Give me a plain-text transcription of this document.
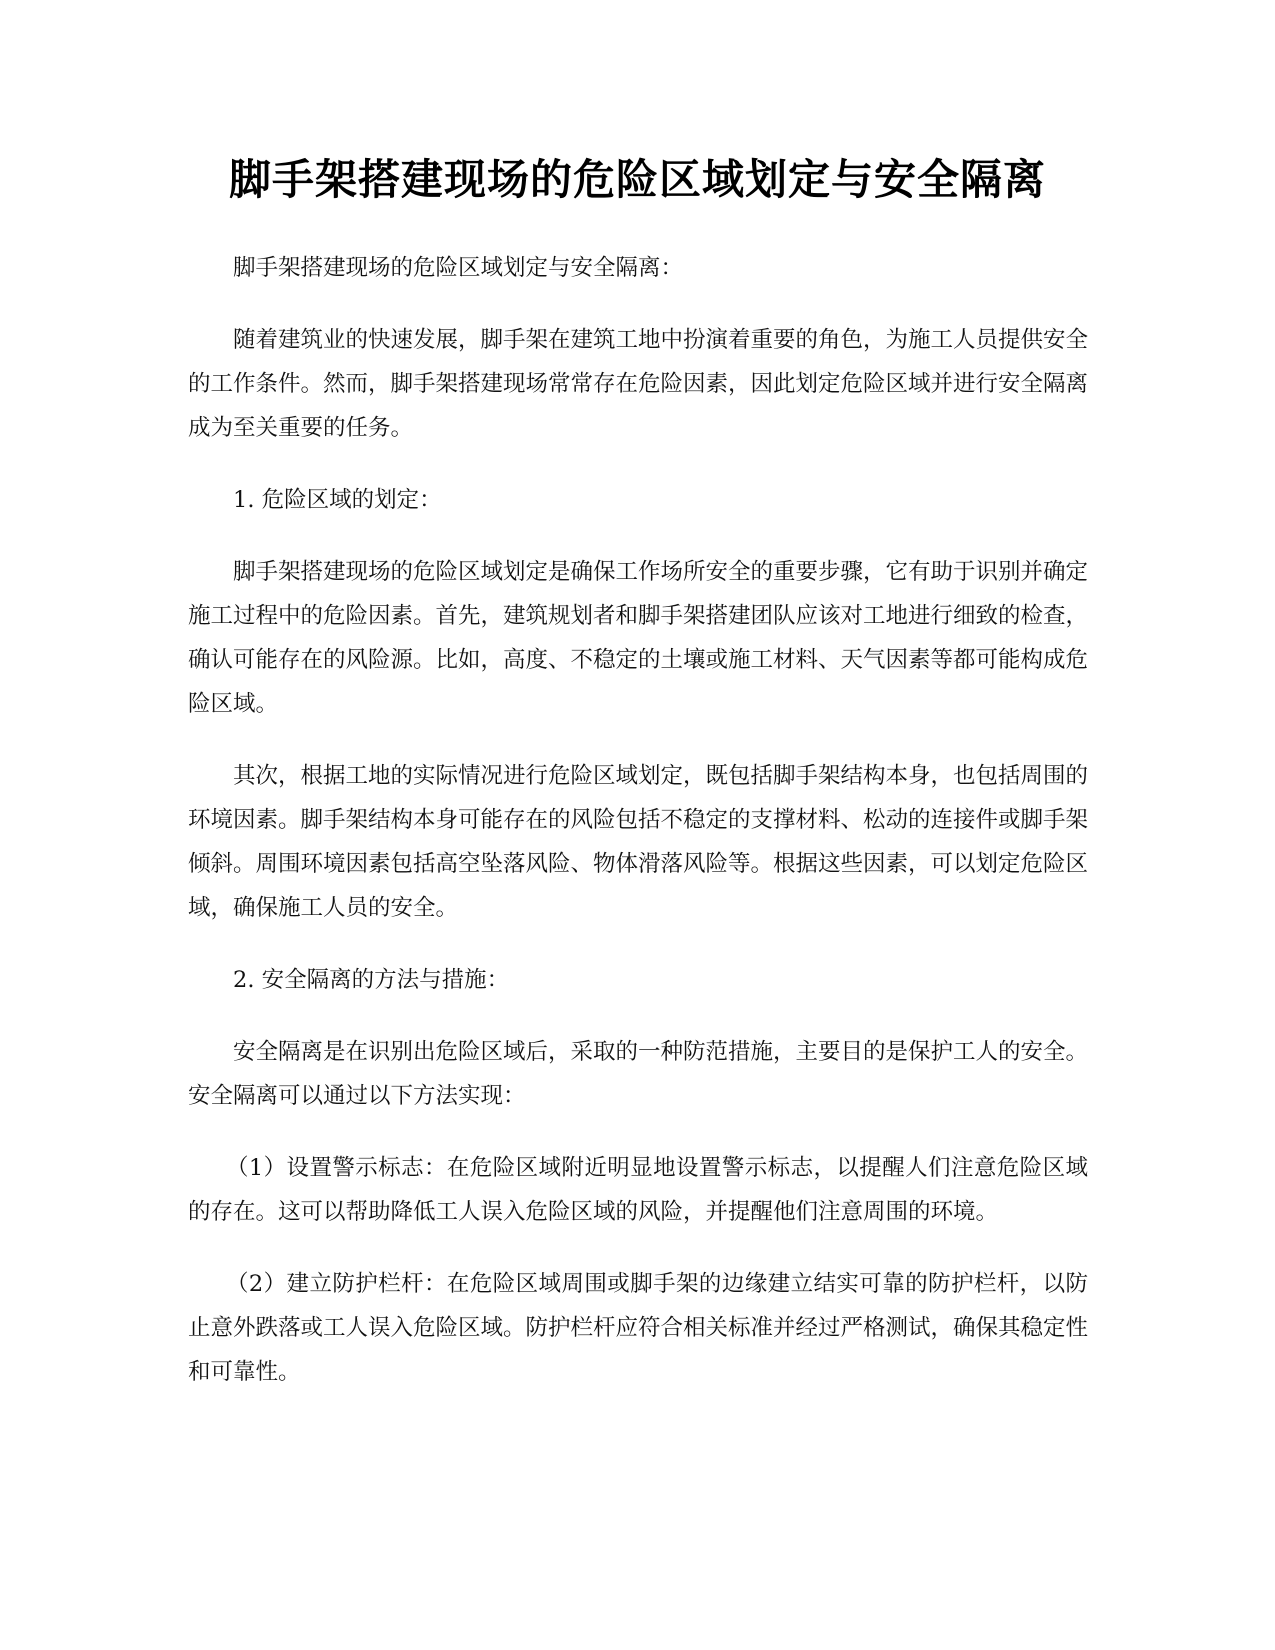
脚手架搭建现场的危险区域划定与安全隔离

脚手架搭建现场的危险区域划定与安全隔离：

随着建筑业的快速发展，脚手架在建筑工地中扮演着重要的角色，为施工人员提供安全的工作条件。然而，脚手架搭建现场常常存在危险因素，因此划定危险区域并进行安全隔离成为至关重要的任务。

1. 危险区域的划定：

脚手架搭建现场的危险区域划定是确保工作场所安全的重要步骤，它有助于识别并确定施工过程中的危险因素。首先，建筑规划者和脚手架搭建团队应该对工地进行细致的检查，确认可能存在的风险源。比如，高度、不稳定的土壤或施工材料、天气因素等都可能构成危险区域。

其次，根据工地的实际情况进行危险区域划定，既包括脚手架结构本身，也包括周围的环境因素。脚手架结构本身可能存在的风险包括不稳定的支撑材料、松动的连接件或脚手架倾斜。周围环境因素包括高空坠落风险、物体滑落风险等。根据这些因素，可以划定危险区域，确保施工人员的安全。

2. 安全隔离的方法与措施：

安全隔离是在识别出危险区域后，采取的一种防范措施，主要目的是保护工人的安全。安全隔离可以通过以下方法实现：

（1）设置警示标志：在危险区域附近明显地设置警示标志，以提醒人们注意危险区域的存在。这可以帮助降低工人误入危险区域的风险，并提醒他们注意周围的环境。

（2）建立防护栏杆：在危险区域周围或脚手架的边缘建立结实可靠的防护栏杆，以防止意外跌落或工人误入危险区域。防护栏杆应符合相关标准并经过严格测试，确保其稳定性和可靠性。
